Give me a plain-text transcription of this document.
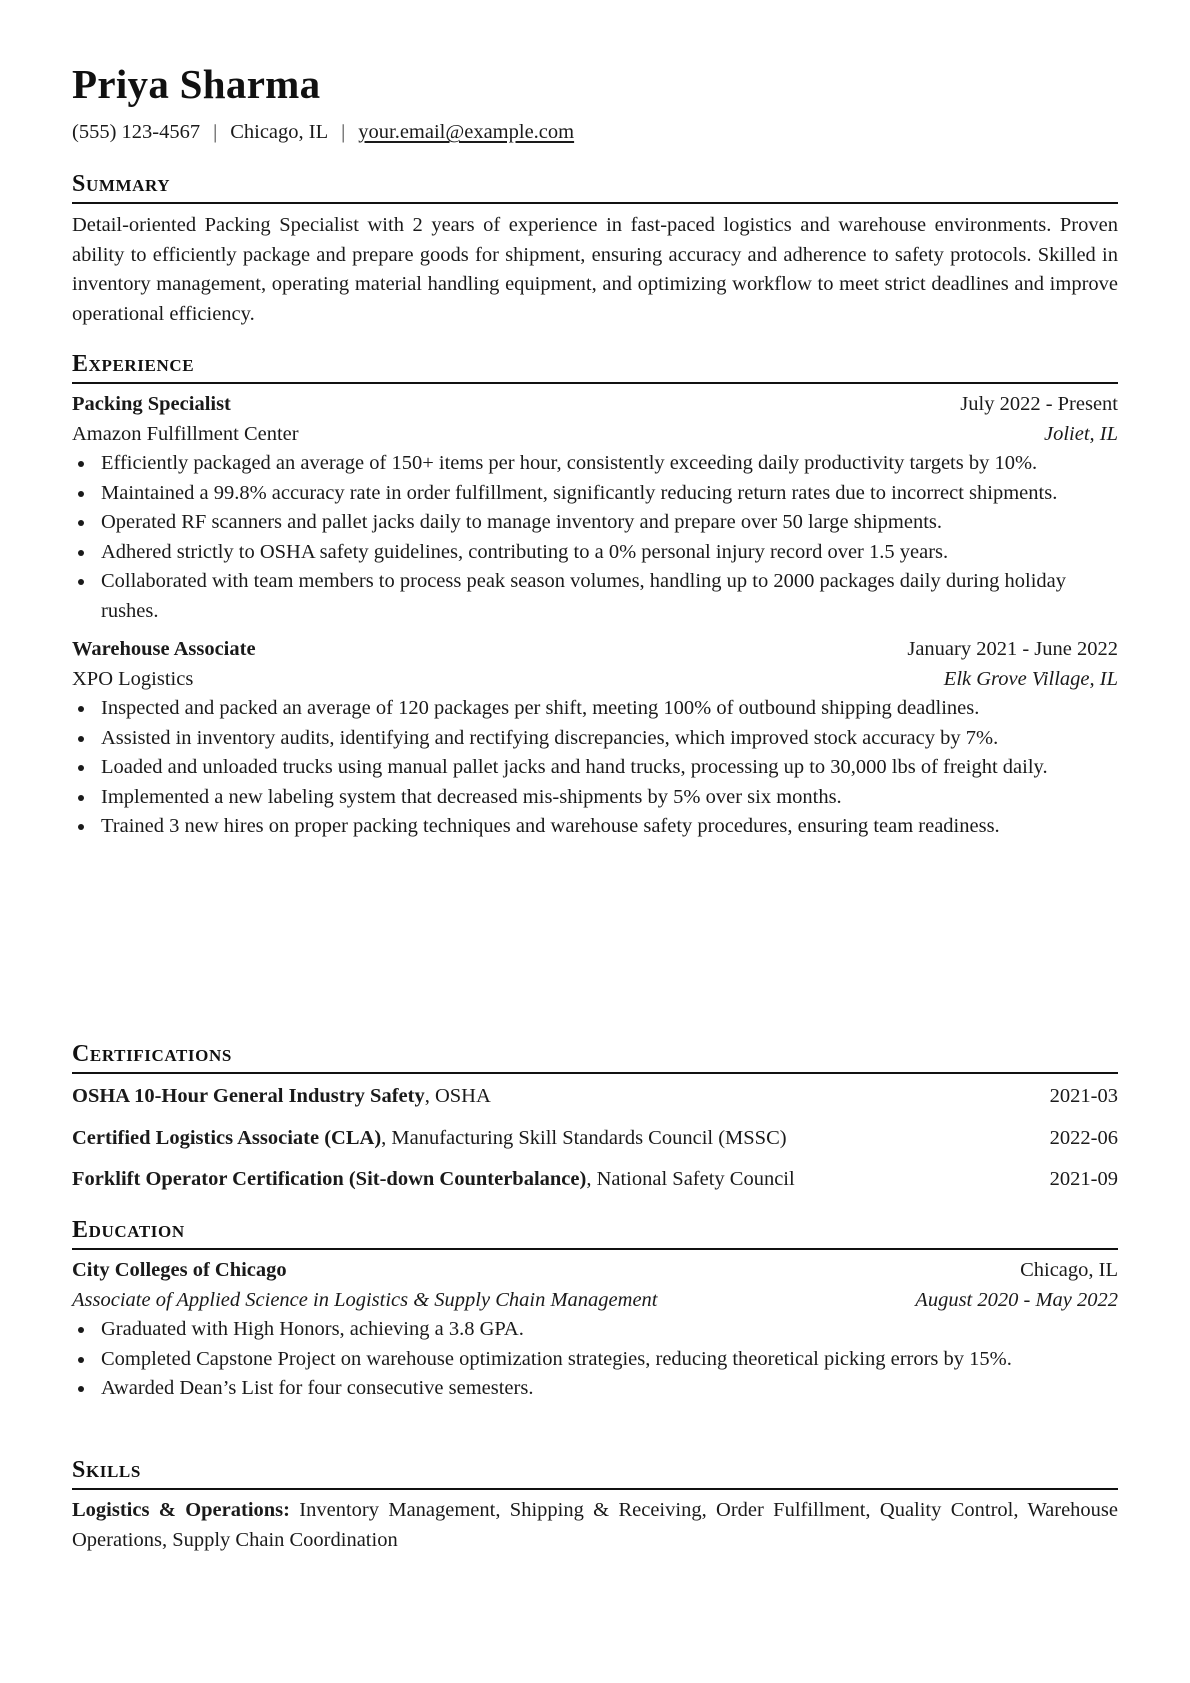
Priya Sharma
(555) 123-4567 | Chicago, IL | your.email@example.com
Summary
Detail-oriented Packing Specialist with 2 years of experience in fast-paced logistics and warehouse environments. Proven ability to efficiently package and prepare goods for shipment, ensuring accuracy and adherence to safety protocols. Skilled in inventory management, operating material handling equipment, and optimizing workflow to meet strict deadlines and improve operational efficiency.
Experience
Packing Specialist	July 2022 - Present
Amazon Fulfillment Center	Joliet, IL
Efficiently packaged an average of 150+ items per hour, consistently exceeding daily productivity targets by 10%.
Maintained a 99.8% accuracy rate in order fulfillment, significantly reducing return rates due to incorrect shipments.
Operated RF scanners and pallet jacks daily to manage inventory and prepare over 50 large shipments.
Adhered strictly to OSHA safety guidelines, contributing to a 0% personal injury record over 1.5 years.
Collaborated with team members to process peak season volumes, handling up to 2000 packages daily during holiday rushes.
Warehouse Associate	January 2021 - June 2022
XPO Logistics	Elk Grove Village, IL
Inspected and packed an average of 120 packages per shift, meeting 100% of outbound shipping deadlines.
Assisted in inventory audits, identifying and rectifying discrepancies, which improved stock accuracy by 7%.
Loaded and unloaded trucks using manual pallet jacks and hand trucks, processing up to 30,000 lbs of freight daily.
Implemented a new labeling system that decreased mis-shipments by 5% over six months.
Trained 3 new hires on proper packing techniques and warehouse safety procedures, ensuring team readiness.
Certifications
OSHA 10-Hour General Industry Safety, OSHA	2021-03
Certified Logistics Associate (CLA), Manufacturing Skill Standards Council (MSSC)	2022-06
Forklift Operator Certification (Sit-down Counterbalance), National Safety Council	2021-09
Education
City Colleges of Chicago	Chicago, IL
Associate of Applied Science in Logistics & Supply Chain Management	August 2020 - May 2022
Graduated with High Honors, achieving a 3.8 GPA.
Completed Capstone Project on warehouse optimization strategies, reducing theoretical picking errors by 15%.
Awarded Dean’s List for four consecutive semesters.
Skills
Logistics & Operations: Inventory Management, Shipping & Receiving, Order Fulfillment, Quality Control, Warehouse Operations, Supply Chain Coordination
